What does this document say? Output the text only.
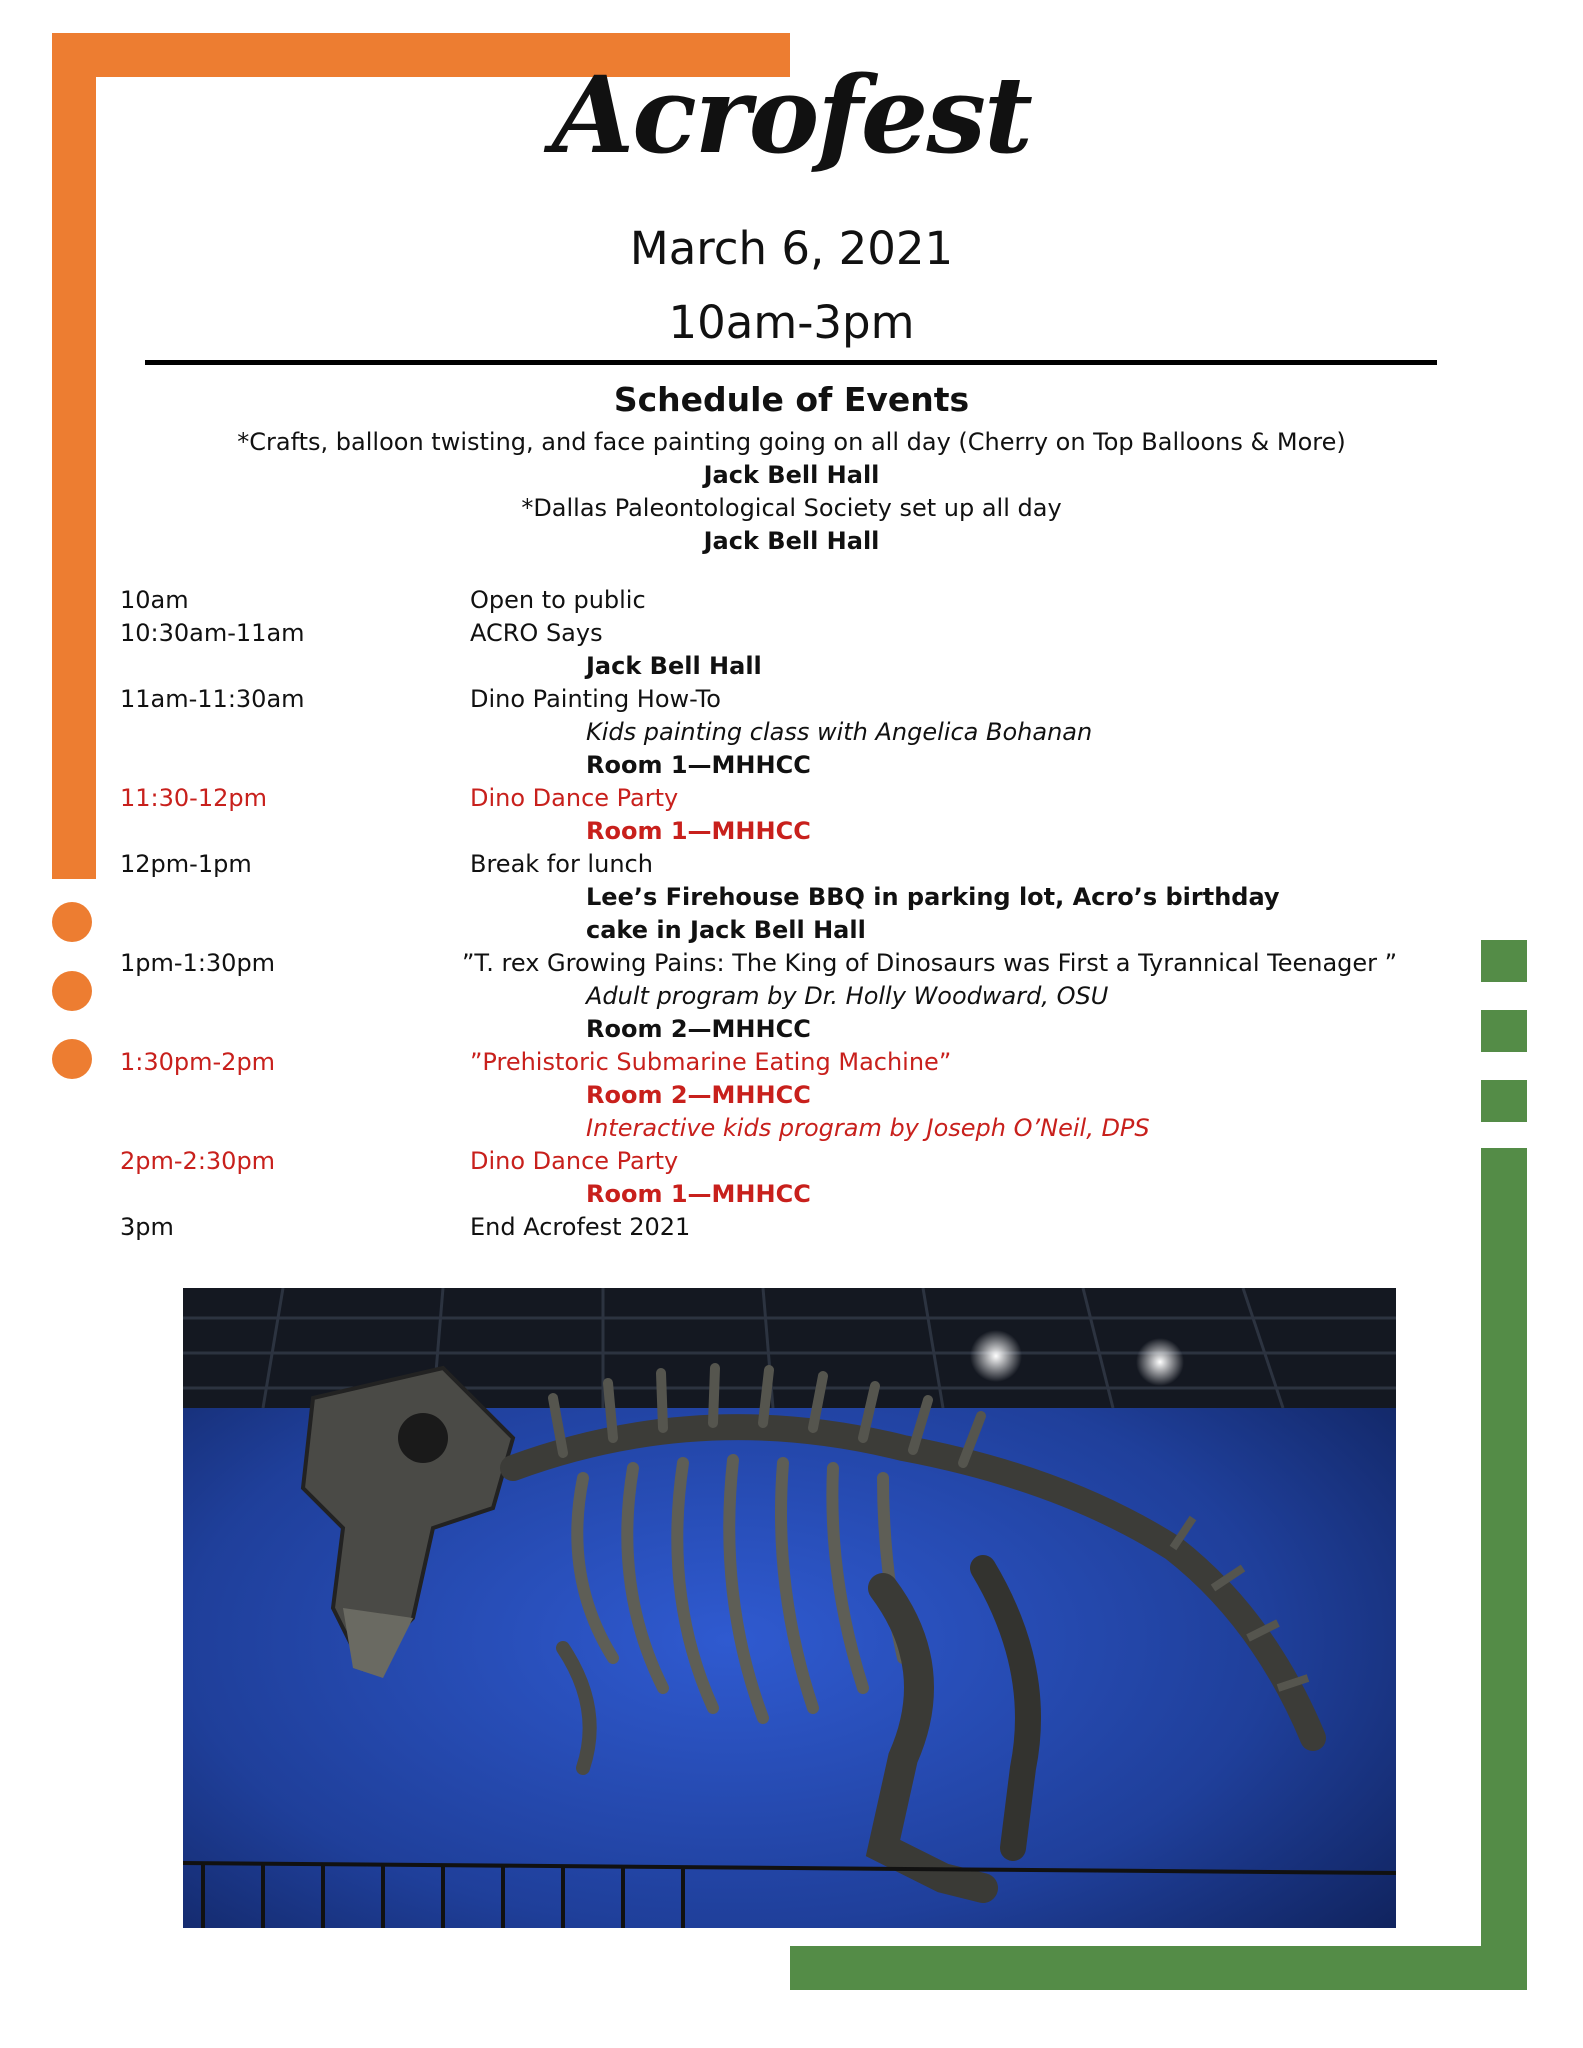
Acrofest
March 6, 2021
10am-3pm
Schedule of Events
*Crafts, balloon twisting, and face painting going on all day (Cherry on Top Balloons & More)
Jack Bell Hall
*Dallas Paleontological Society set up all day
Jack Bell Hall
10am	Open to public
10:30am-11am	ACRO Says
Jack Bell Hall
11am-11:30am	Dino Painting How-To
Kids painting class with Angelica Bohanan
Room 1—MHHCC
11:30-12pm	Dino Dance Party
Room 1—MHHCC
12pm-1pm	Break for lunch
Lee’s Firehouse BBQ in parking lot, Acro’s birthday
cake in Jack Bell Hall
1pm-1:30pm	”T. rex Growing Pains: The King of Dinosaurs was First a Tyrannical Teenager ”
Adult program by Dr. Holly Woodward, OSU
Room 2—MHHCC
1:30pm-2pm	”Prehistoric Submarine Eating Machine”
Room 2—MHHCC
Interactive kids program by Joseph O’Neil, DPS
2pm-2:30pm	Dino Dance Party
Room 1—MHHCC
3pm	End Acrofest 2021
